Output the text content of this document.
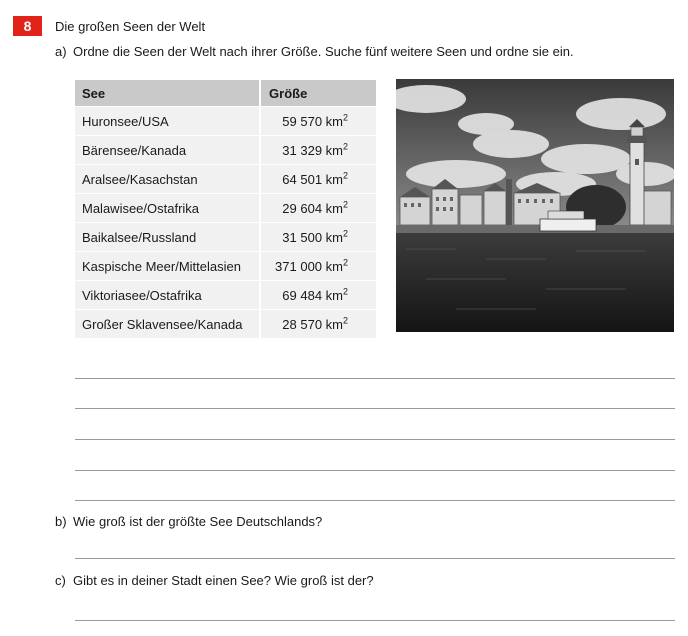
8	Die großen Seen der Welt
a) Ordne die Seen der Welt nach ihrer Größe. Suche fünf weitere Seen und ordne sie ein.
See	Größe
Huronsee/USA	59 570 $km^2$
Bärensee/Kanada	31 329 $km^2$
Aralsee/Kasachstan	64 501 $km^2$
Malawisee/Ostafrika	29 604 $km^2$
Baikalsee/Russland	31 500 $km^2$
Kaspische Meer/Mittelasien	371 000 $km^2$
Viktoriasee/Ostafrika	69 484 $km^2$
Großer Sklavensee/Kanada	28 570 $km^2$
b) Wie groß ist der größte See Deutschlands?
c) Gibt es in deiner Stadt einen See? Wie groß ist der?
